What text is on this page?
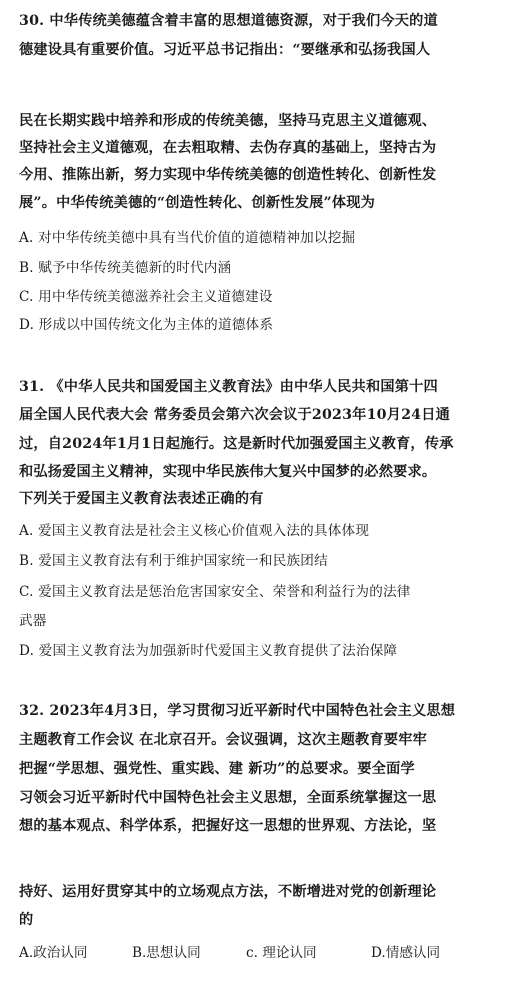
30. 中华传统美德蕴含着丰富的思想道德资源，对于我们今天的道
德建设具有重要价值。习近平总书记指出：“要继承和弘扬我国人
民在长期实践中培养和形成的传统美德，坚持马克思主义道德观、
坚持社会主义道德观，在去粗取精、去伪存真的基础上，坚持古为
今用、推陈出新，努力实现中华传统美德的创造性转化、创新性发
展”。中华传统美德的“创造性转化、创新性发展”体现为
A. 对中华传统美德中具有当代价值的道德精神加以挖掘
B. 赋予中华传统美德新的时代内涵
C. 用中华传统美德滋养社会主义道德建设
D. 形成以中国传统文化为主体的道德体系
31. 《中华人民共和国爱国主义教育法》由中华人民共和国第十四
届全国人民代表大会 常务委员会第六次会议于2023年10月24日通
过，自2024年1月1日起施行。这是新时代加强爱国主义教育，传承
和弘扬爱国主义精神，实现中华民族伟大复兴中国梦的必然要求。
下列关于爱国主义教育法表述正确的有
A. 爱国主义教育法是社会主义核心价值观入法的具体体现
B. 爱国主义教育法有利于维护国家统一和民族团结
C. 爱国主义教育法是惩治危害国家安全、荣誉和利益行为的法律
武器
D. 爱国主义教育法为加强新时代爱国主义教育提供了法治保障
32. 2023年4月3日，学习贯彻习近平新时代中国特色社会主义思想
主题教育工作会议 在北京召开。会议强调，这次主题教育要牢牢
把握“学思想、强党性、重实践、建 新功”的总要求。要全面学
习领会习近平新时代中国特色社会主义思想，全面系统掌握这一思
想的基本观点、科学体系，把握好这一思想的世界观、方法论，坚
持好、运用好贯穿其中的立场观点方法，不断增进对党的创新理论
的
A.政治认同	B.思想认同	c. 理论认同	D.情感认同
